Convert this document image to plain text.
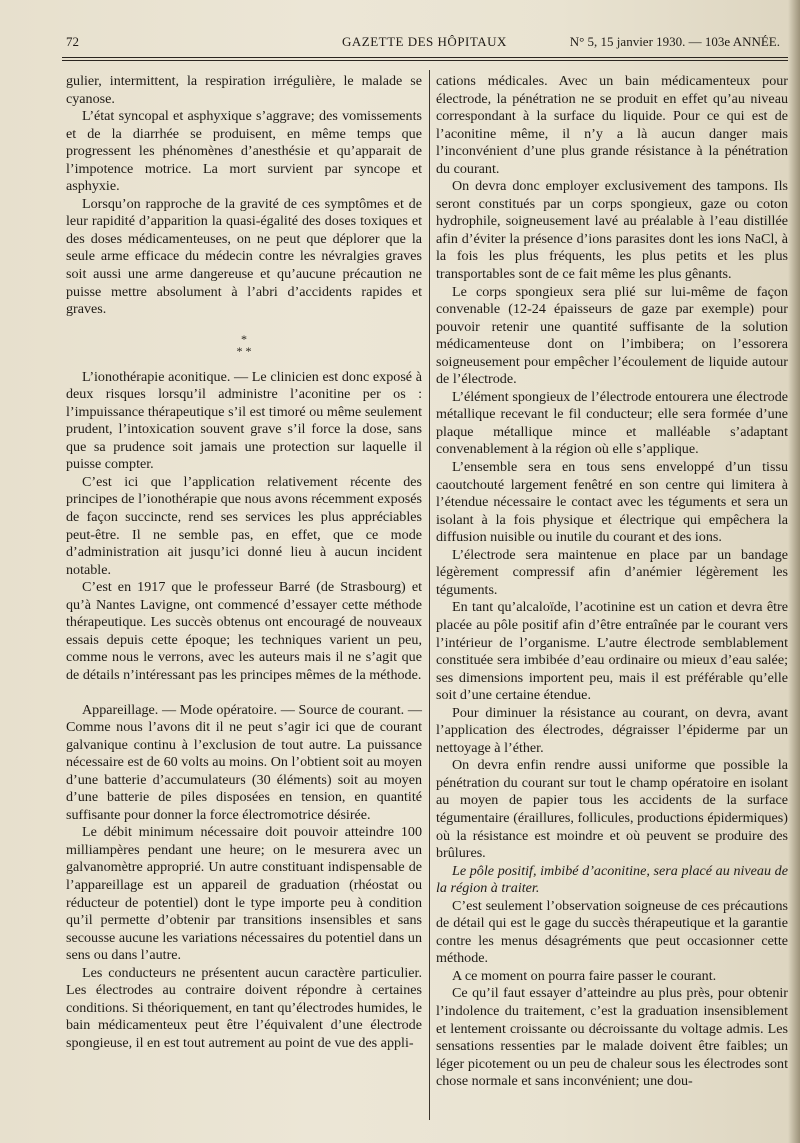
72	GAZETTE DES HÔPITAUX	N° 5, 15 janvier 1930. — 103e ANNÉE.

gulier, intermittent, la respiration irrégulière, le malade se cyanose.

L’état syncopal et asphyxique s’aggrave; des vomissements et de la diarrhée se produisent, en même temps que progressent les phénomènes d’anesthésie et qu’apparait de l’impotence motrice. La mort survient par syncope et asphyxie.

Lorsqu’on rapproche de la gravité de ces symptômes et de leur rapidité d’apparition la quasi-égalité des doses toxiques et des doses médicamenteuses, on ne peut que déplorer que la seule arme efficace du médecin contre les névralgies graves soit aussi une arme dangereuse et qu’aucune précaution ne puisse mettre absolument à l’abri d’accidents rapides et graves.

*
* *

L’ionothérapie aconitique. — Le clinicien est donc exposé à deux risques lorsqu’il administre l’aconitine per os : l’impuissance thérapeutique s’il est timoré ou même seulement prudent, l’intoxication souvent grave s’il force la dose, sans que sa prudence soit jamais une protection sur laquelle il puisse compter.

C’est ici que l’application relativement récente des principes de l’ionothérapie que nous avons récemment exposés de façon succincte, rend ses services les plus appréciables peut-être. Il ne semble pas, en effet, que ce mode d’administration ait jusqu’ici donné lieu à aucun incident notable.

C’est en 1917 que le professeur Barré (de Strasbourg) et qu’à Nantes Lavigne, ont commencé d’essayer cette méthode thérapeutique. Les succès obtenus ont encouragé de nouveaux essais depuis cette époque; les techniques varient un peu, comme nous le verrons, avec les auteurs mais il ne s’agit que de détails n’intéressant pas les principes mêmes de la méthode.

Appareillage. — Mode opératoire. — Source de courant. — Comme nous l’avons dit il ne peut s’agir ici que de courant galvanique continu à l’exclusion de tout autre. La puissance nécessaire est de 60 volts au moins. On l’obtient soit au moyen d’une batterie d’accumulateurs (30 éléments) soit au moyen d’une batterie de piles disposées en tension, en quantité suffisante pour donner la force électromotrice désirée.

Le débit minimum nécessaire doit pouvoir atteindre 100 milliampères pendant une heure; on le mesurera avec un galvanomètre approprié. Un autre constituant indispensable de l’appareillage est un appareil de graduation (rhéostat ou réducteur de potentiel) dont le type importe peu à condition qu’il permette d’obtenir par transitions insensibles et sans secousse aucune les variations nécessaires du potentiel dans un sens ou dans l’autre.

Les conducteurs ne présentent aucun caractère particulier. Les électrodes au contraire doivent répondre à certaines conditions. Si théoriquement, en tant qu’électrodes humides, le bain médicamenteux peut être l’équivalent d’une électrode spongieuse, il en est tout autrement au point de vue des appli-

cations médicales. Avec un bain médicamenteux pour électrode, la pénétration ne se produit en effet qu’au niveau correspondant à la surface du liquide. Pour ce qui est de l’aconitine même, il n’y a là aucun danger mais l’inconvénient d’une plus grande résistance à la pénétration du courant.

On devra donc employer exclusivement des tampons. Ils seront constitués par un corps spongieux, gaze ou coton hydrophile, soigneusement lavé au préalable à l’eau distillée afin d’éviter la présence d’ions parasites dont les ions NaCl, à la fois les plus fréquents, les plus petits et les plus transportables sont de ce fait même les plus gênants.

Le corps spongieux sera plié sur lui-même de façon convenable (12-24 épaisseurs de gaze par exemple) pour pouvoir retenir une quantité suffisante de la solution médicamenteuse dont on l’imbibera; on l’essorera soigneusement pour empêcher l’écoulement de liquide autour de l’électrode.

L’élément spongieux de l’électrode entourera une électrode métallique recevant le fil conducteur; elle sera formée d’une plaque métallique mince et malléable s’adaptant convenablement à la région où elle s’applique.

L’ensemble sera en tous sens enveloppé d’un tissu caoutchouté largement fenêtré en son centre qui limitera à l’étendue nécessaire le contact avec les téguments et sera un isolant à la fois physique et électrique qui empêchera la diffusion nuisible ou inutile du courant et des ions.

L’électrode sera maintenue en place par un bandage légèrement compressif afin d’anémier légèrement les téguments.

En tant qu’alcaloïde, l’acotinine est un cation et devra être placée au pôle positif afin d’être entraînée par le courant vers l’intérieur de l’organisme. L’autre électrode semblablement constituée sera imbibée d’eau ordinaire ou mieux d’eau salée; ses dimensions importent peu, mais il est préférable qu’elle soit d’une certaine étendue.

Pour diminuer la résistance au courant, on devra, avant l’application des électrodes, dégraisser l’épiderme par un nettoyage à l’éther.

On devra enfin rendre aussi uniforme que possible la pénétration du courant sur tout le champ opératoire en isolant au moyen de papier tous les accidents de la surface tégumentaire (éraillures, follicules, productions épidermiques) où la résistance est moindre et où peuvent se produire des brûlures.

Le pôle positif, imbibé d’aconitine, sera placé au niveau de la région à traiter.

C’est seulement l’observation soigneuse de ces précautions de détail qui est le gage du succès thérapeutique et la garantie contre les menus désagréments que peut occasionner cette méthode.

A ce moment on pourra faire passer le courant.

Ce qu’il faut essayer d’atteindre au plus près, pour obtenir l’indolence du traitement, c’est la graduation insensiblement et lentement croissante ou décroissante du voltage admis. Les sensations ressenties par le malade doivent être faibles; un léger picotement ou un peu de chaleur sous les électrodes sont chose normale et sans inconvénient; une dou-
